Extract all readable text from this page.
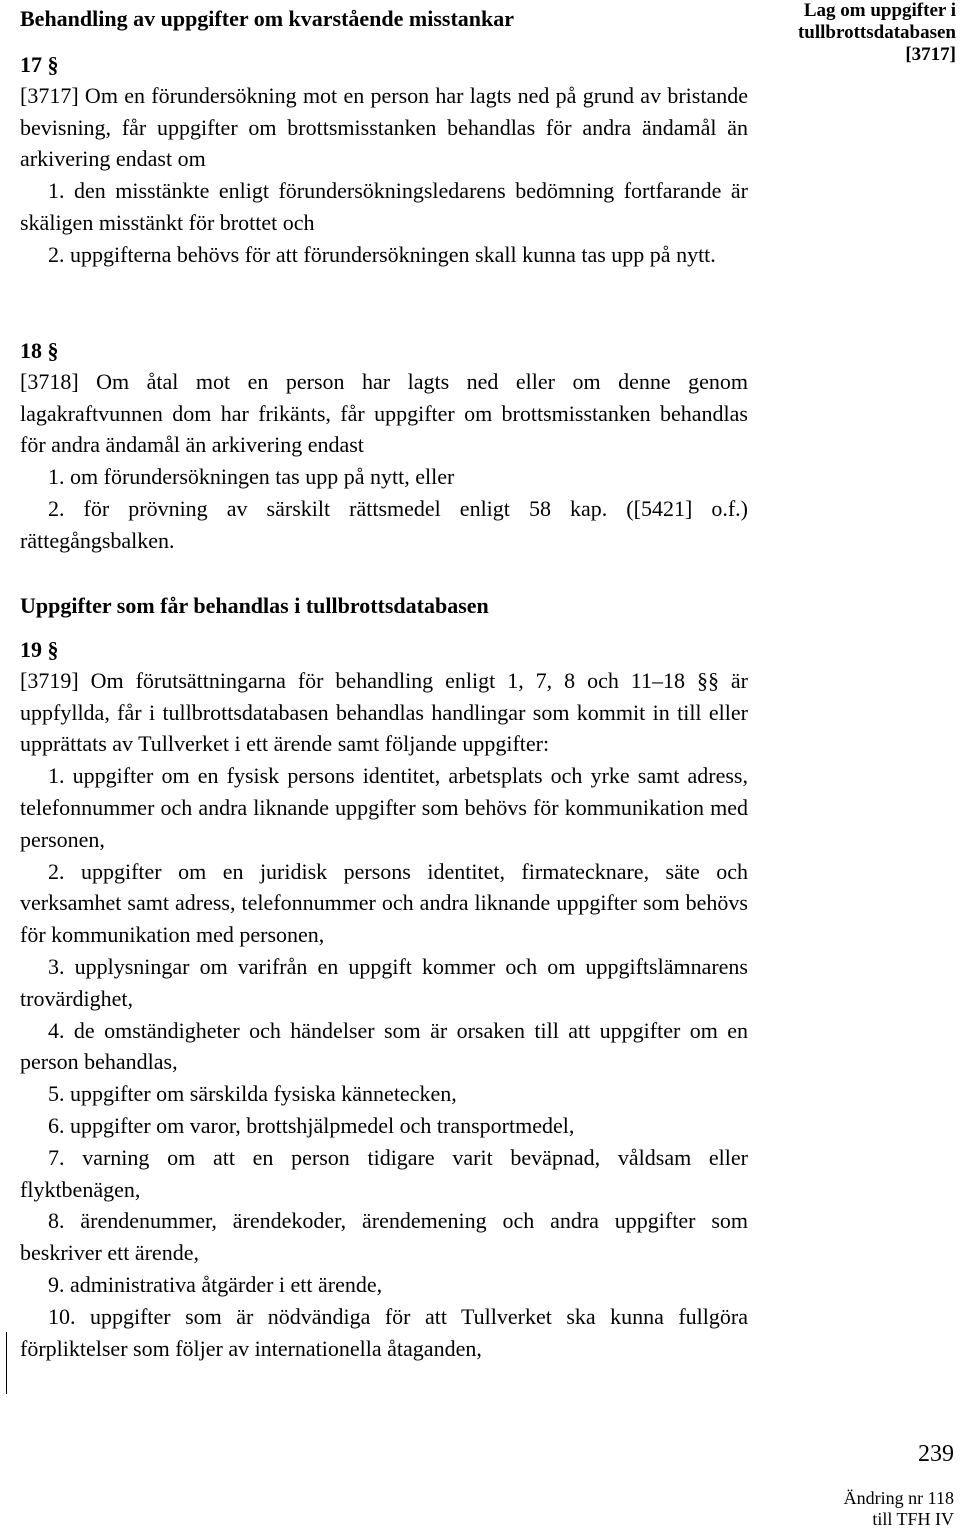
Lag om uppgifter i
tullbrottsdatabasen
[3717]
Behandling av uppgifter om kvarstående misstankar
17 §

[3717] Om en förundersökning mot en person har lagts ned på grund av bristande bevisning, får uppgifter om brottsmisstanken behandlas för andra ändamål än arkivering endast om

1. den misstänkte enligt förundersökningsledarens bedömning fortfarande är skäligen misstänkt för brottet och

2. uppgifterna behövs för att förundersökningen skall kunna tas upp på nytt.

18 §

[3718] Om åtal mot en person har lagts ned eller om denne genom lagakraftvunnen dom har frikänts, får uppgifter om brottsmisstanken behandlas för andra ändamål än arkivering endast

1. om förundersökningen tas upp på nytt, eller

2. för prövning av särskilt rättsmedel enligt 58 kap. ([5421] o.f.) rättegångsbalken.

Uppgifter som får behandlas i tullbrottsdatabasen
19 §

[3719] Om förutsättningarna för behandling enligt 1, 7, 8 och 11–18 §§ är uppfyllda, får i tullbrottsdatabasen behandlas handlingar som kommit in till eller upprättats av Tullverket i ett ärende samt följande uppgifter:

1. uppgifter om en fysisk persons identitet, arbetsplats och yrke samt adress, telefonnummer och andra liknande uppgifter som behövs för kommunikation med personen,

2. uppgifter om en juridisk persons identitet, firmatecknare, säte och verksamhet samt adress, telefonnummer och andra liknande uppgifter som behövs för kommunikation med personen,

3. upplysningar om varifrån en uppgift kommer och om uppgiftslämnarens trovärdighet,

4. de omständigheter och händelser som är orsaken till att uppgifter om en person behandlas,

5. uppgifter om särskilda fysiska kännetecken,

6. uppgifter om varor, brottshjälpmedel och transportmedel,

7. varning om att en person tidigare varit beväpnad, våldsam eller flyktbenägen,

8. ärendenummer, ärendekoder, ärendemening och andra uppgifter som beskriver ett ärende,

9. administrativa åtgärder i ett ärende,

10. uppgifter som är nödvändiga för att Tullverket ska kunna fullgöra förpliktelser som följer av internationella åtaganden,

239
Ändring nr 118
till TFH IV
